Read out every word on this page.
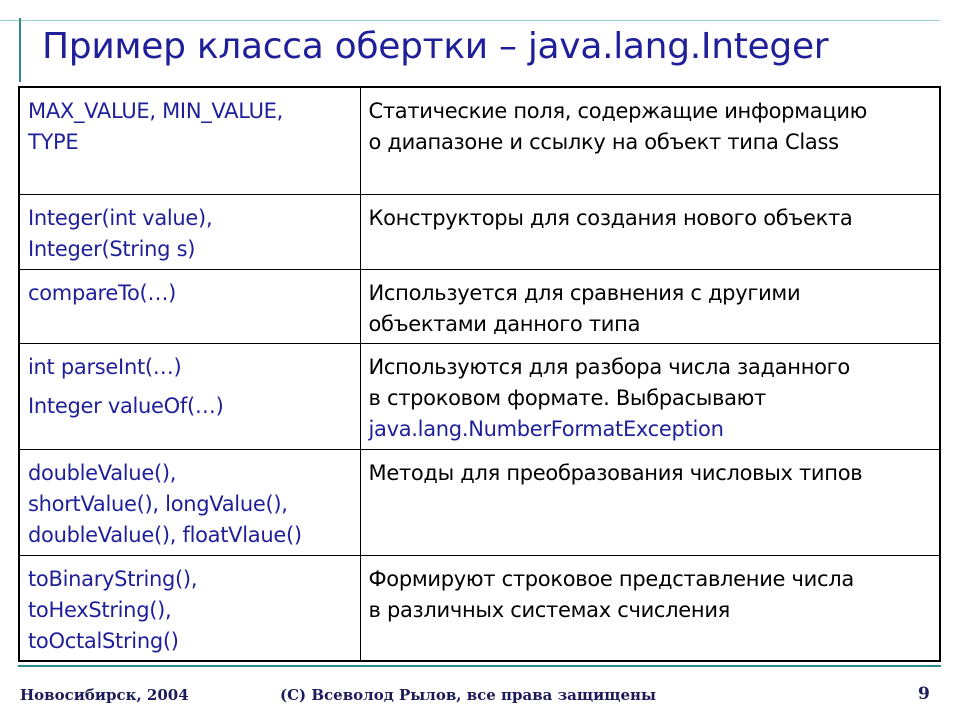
Пример класса обертки – java.lang.Integer
MAX_VALUE, MIN_VALUE,
TYPE	Статические поля, содержащие информацию
о диапазоне и ссылку на объект типа Class

Integer(int value),
Integer(String s)	Конструкторы для создания нового объекта

compareTo(…)	Используется для сравнения с другими
объектами данного типа

int parseInt(…)
Integer valueOf(…)	Используются для разбора числа заданного
в строковом формате. Выбрасывают
java.lang.NumberFormatException

doubleValue(),
shortValue(), longValue(),
doubleValue(), floatVlaue()	Методы для преобразования числовых типов

toBinaryString(),
toHexString(),
toOctalString()	Формируют строковое представление числа
в различных системах счисления
Новосибирск, 2004	(C) Всеволод Рылов, все права защищены	9
